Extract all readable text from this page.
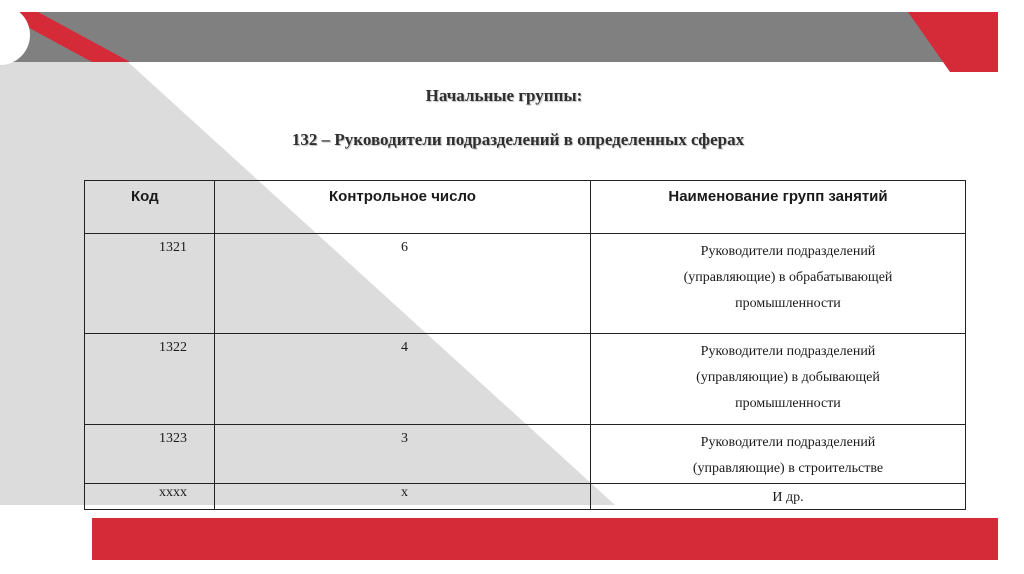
Начальные группы:
132 – Руководители подразделений в определенных сферах
Код	Контрольное число	Наименование групп занятий

1321	6	Руководители подразделений
(управляющие) в обрабатывающей
промышленности

1322	4	Руководители подразделений
(управляющие) в добывающей
промышленности

1323	3	Руководители подразделений
(управляющие) в строительстве

хххх	х	И др.
